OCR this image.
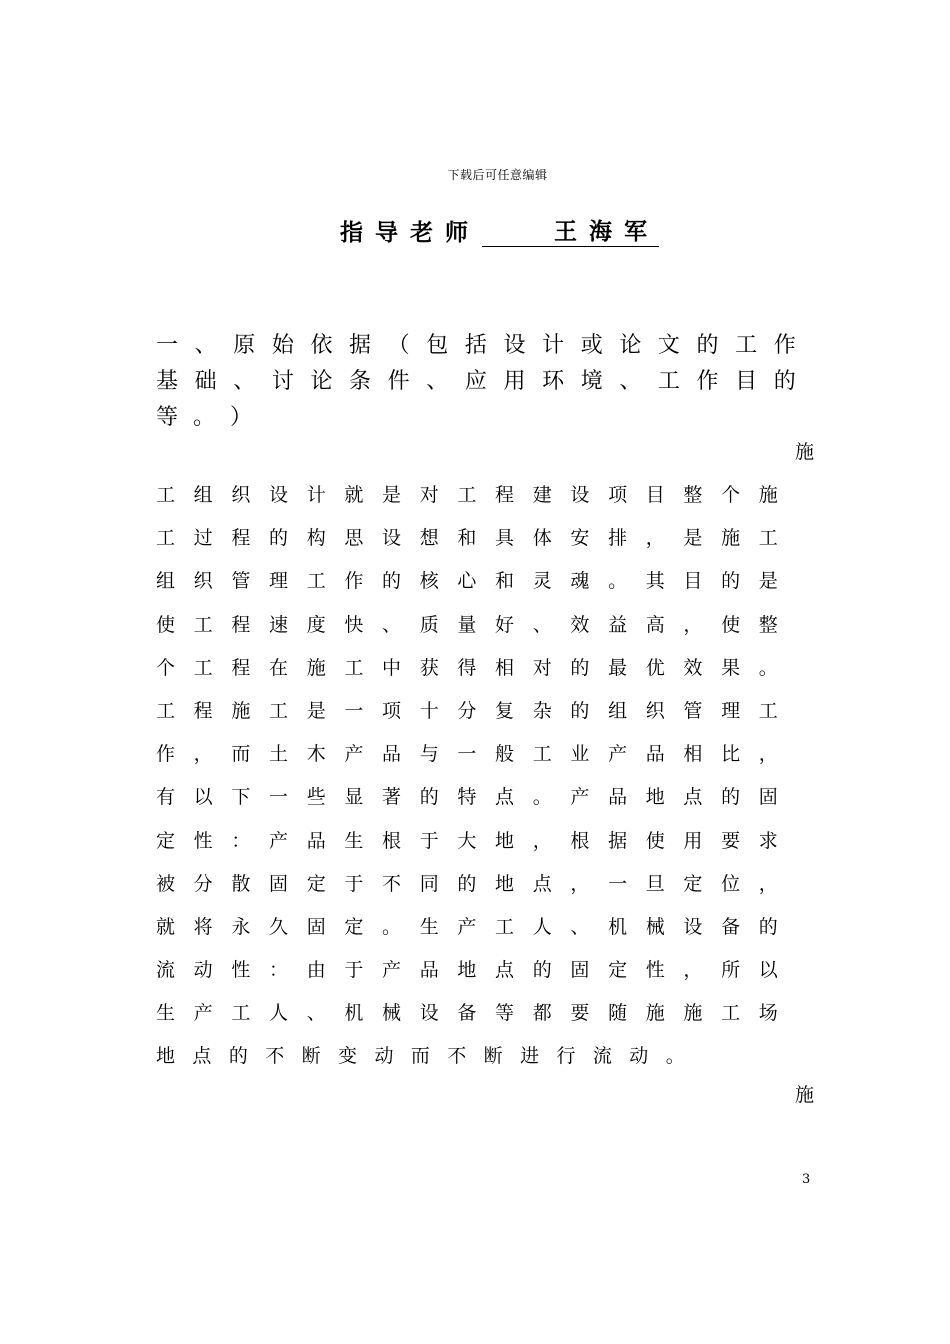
下载后可任意编辑
指导老师	王海军
一 、 原 始 依 据 （ 包 括 设 计 或 论 文 的 工 作
基 础 、 讨 论 条 件 、 应 用 环 境 、 工 作 目 的
等 。 ）
施
工 组 织 设 计 就 是 对 工 程 建 设 项 目 整 个 施
工 过 程 的 构 思 设 想 和 具 体 安 排 ， 是 施 工
组 织 管 理 工 作 的 核 心 和 灵 魂 。 其 目 的 是
使 工 程 速 度 快 、 质 量 好 、 效 益 高 ， 使 整
个 工 程 在 施 工 中 获 得 相 对 的 最 优 效 果 。
工 程 施 工 是 一 项 十 分 复 杂 的 组 织 管 理 工
作 ， 而 土 木 产 品 与 一 般 工 业 产 品 相 比 ，
有 以 下 一 些 显 著 的 特 点 。 产 品 地 点 的 固
定 性 ： 产 品 生 根 于 大 地 ， 根 据 使 用 要 求
被 分 散 固 定 于 不 同 的 地 点 ， 一 旦 定 位 ，
就 将 永 久 固 定 。 生 产 工 人 、 机 械 设 备 的
流 动 性 ： 由 于 产 品 地 点 的 固 定 性 ， 所 以
生 产 工 人 、 机 械 设 备 等 都 要 随 施 施 工 场
地 点 的 不 断 变 动 而 不 断 进 行 流 动 。
施
3
